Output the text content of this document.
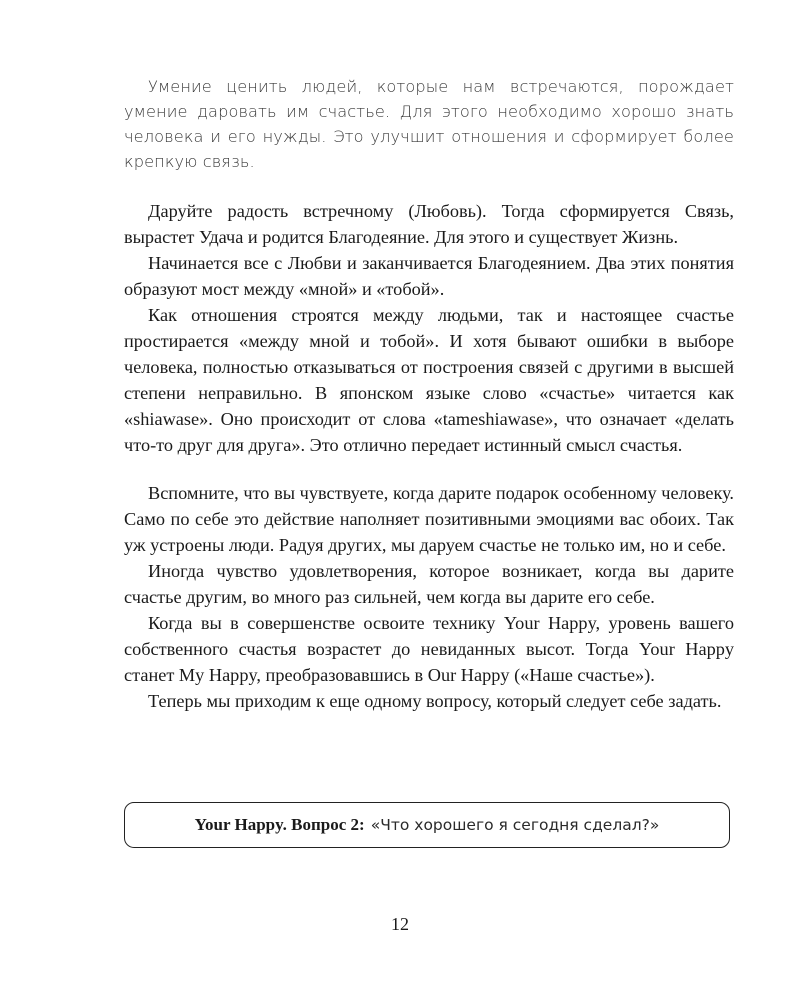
Умение ценить людей, которые нам встречаются, порождает умение даровать им счастье. Для этого необходимо хорошо знать человека и его нужды. Это улучшит отношения и сформирует более крепкую связь.

Даруйте радость встречному (Любовь). Тогда сформируется Связь, вырастет Удача и родится Благодеяние. Для этого и существует Жизнь.

Начинается все с Любви и заканчивается Благодеянием. Два этих понятия образуют мост между «мной» и «тобой».

Как отношения строятся между людьми, так и настоящее счастье простирается «между мной и тобой». И хотя бывают ошибки в выборе человека, полностью отказываться от построения связей с другими в высшей степени неправильно. В японском языке слово «счастье» читается как «shiawase». Оно происходит от слова «tameshiawase», что означает «делать что-то друг для друга». Это отлично передает истинный смысл счастья.

Вспомните, что вы чувствуете, когда дарите подарок особенному человеку. Само по себе это действие наполняет позитивными эмоциями вас обоих. Так уж устроены люди. Радуя других, мы даруем счастье не только им, но и себе.

Иногда чувство удовлетворения, которое возникает, когда вы дарите счастье другим, во много раз сильней, чем когда вы дарите его себе.

Когда вы в совершенстве освоите технику Your Happy, уровень вашего собственного счастья возрастет до невиданных высот. Тогда Your Happy станет My Happy, преобразовавшись в Our Happy («Наше счастье»).

Теперь мы приходим к еще одному вопросу, который следует себе задать.

Your Happy. Вопрос 2: «Что хорошего я сегодня сделал?»
12
